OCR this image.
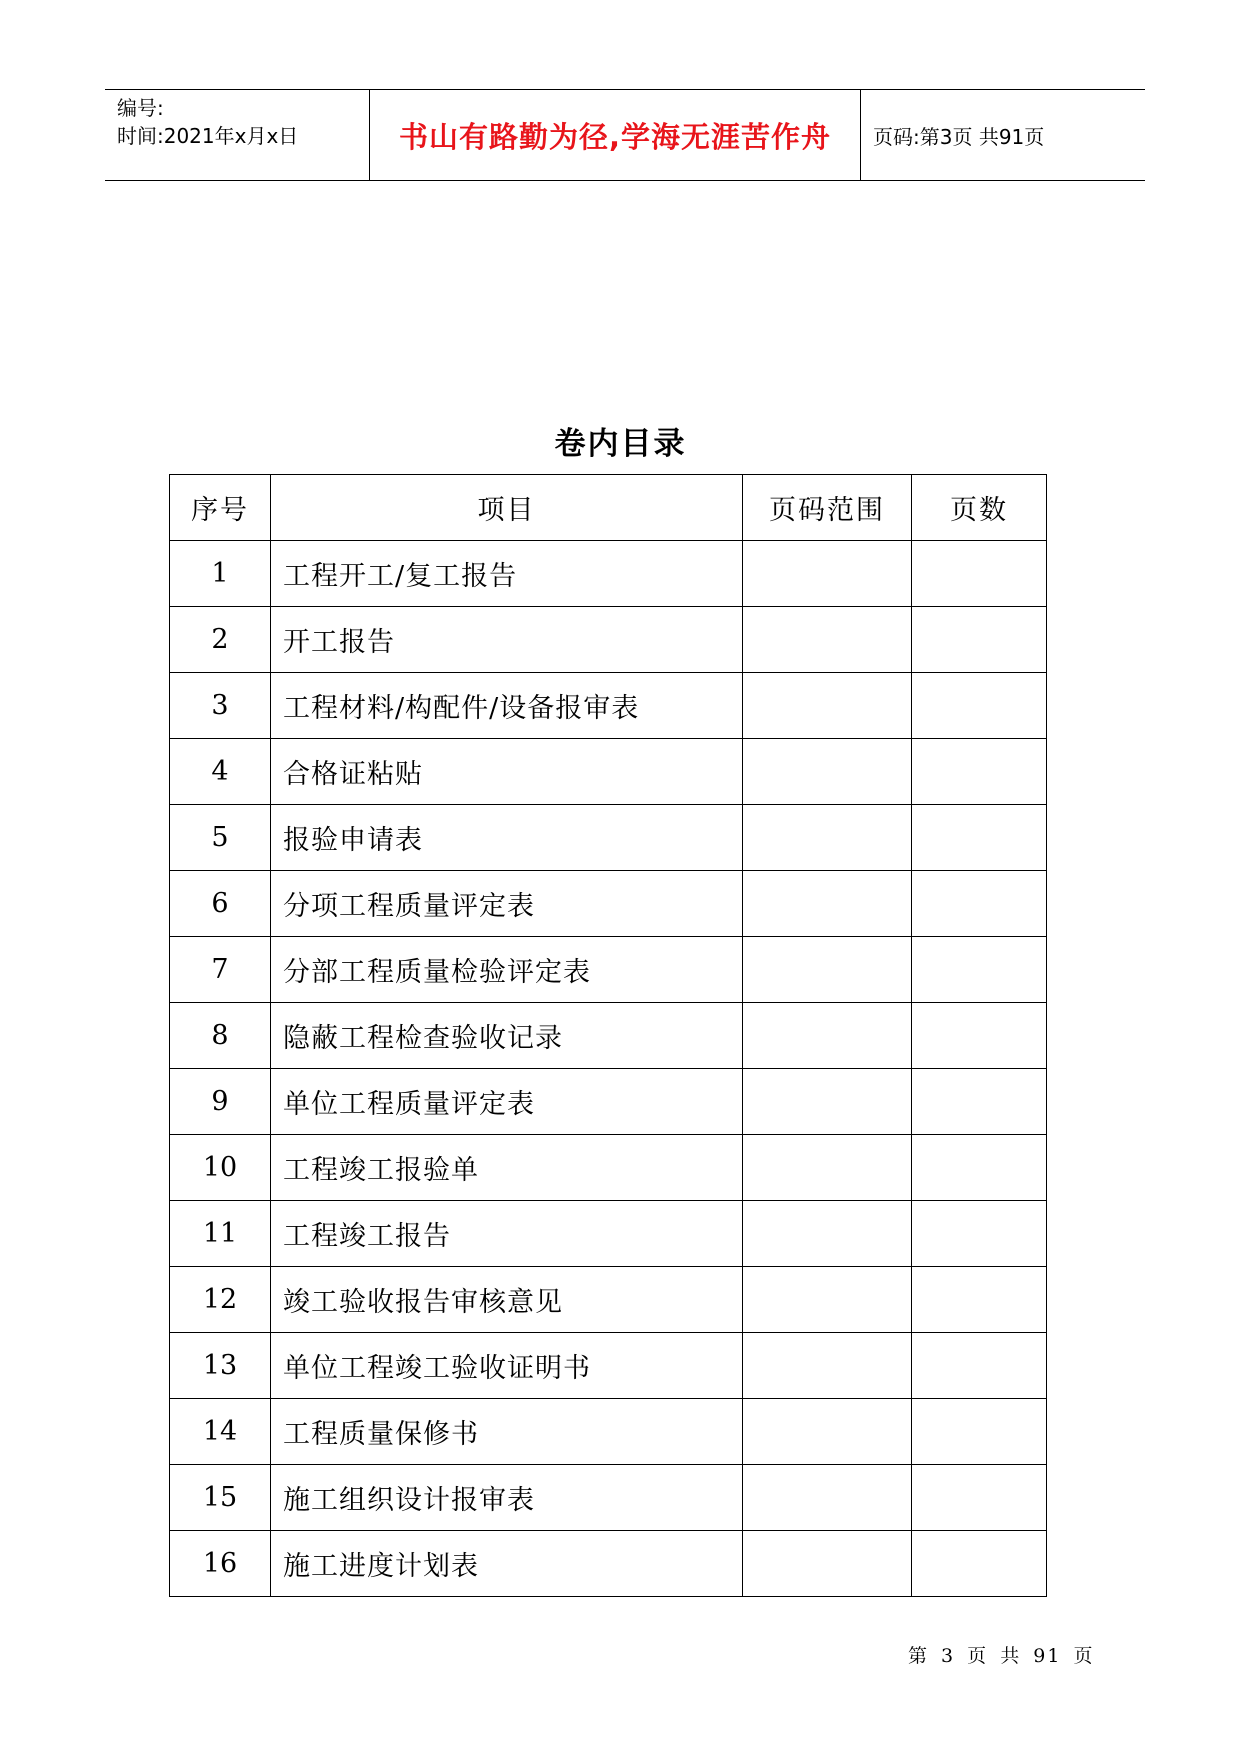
编号:
时间:2021年x月x日	书山有路勤为径,学海无涯苦作舟	页码:第3页 共91页
卷内目录
序号	项目	页码范围	页数
1	工程开工/复工报告		
2	开工报告		
3	工程材料/构配件/设备报审表		
4	合格证粘贴		
5	报验申请表		
6	分项工程质量评定表		
7	分部工程质量检验评定表		
8	隐蔽工程检查验收记录		
9	单位工程质量评定表		
10	工程竣工报验单		
11	工程竣工报告		
12	竣工验收报告审核意见		
13	单位工程竣工验收证明书		
14	工程质量保修书		
15	施工组织设计报审表		
16	施工进度计划表		
第 3 页 共 91 页
